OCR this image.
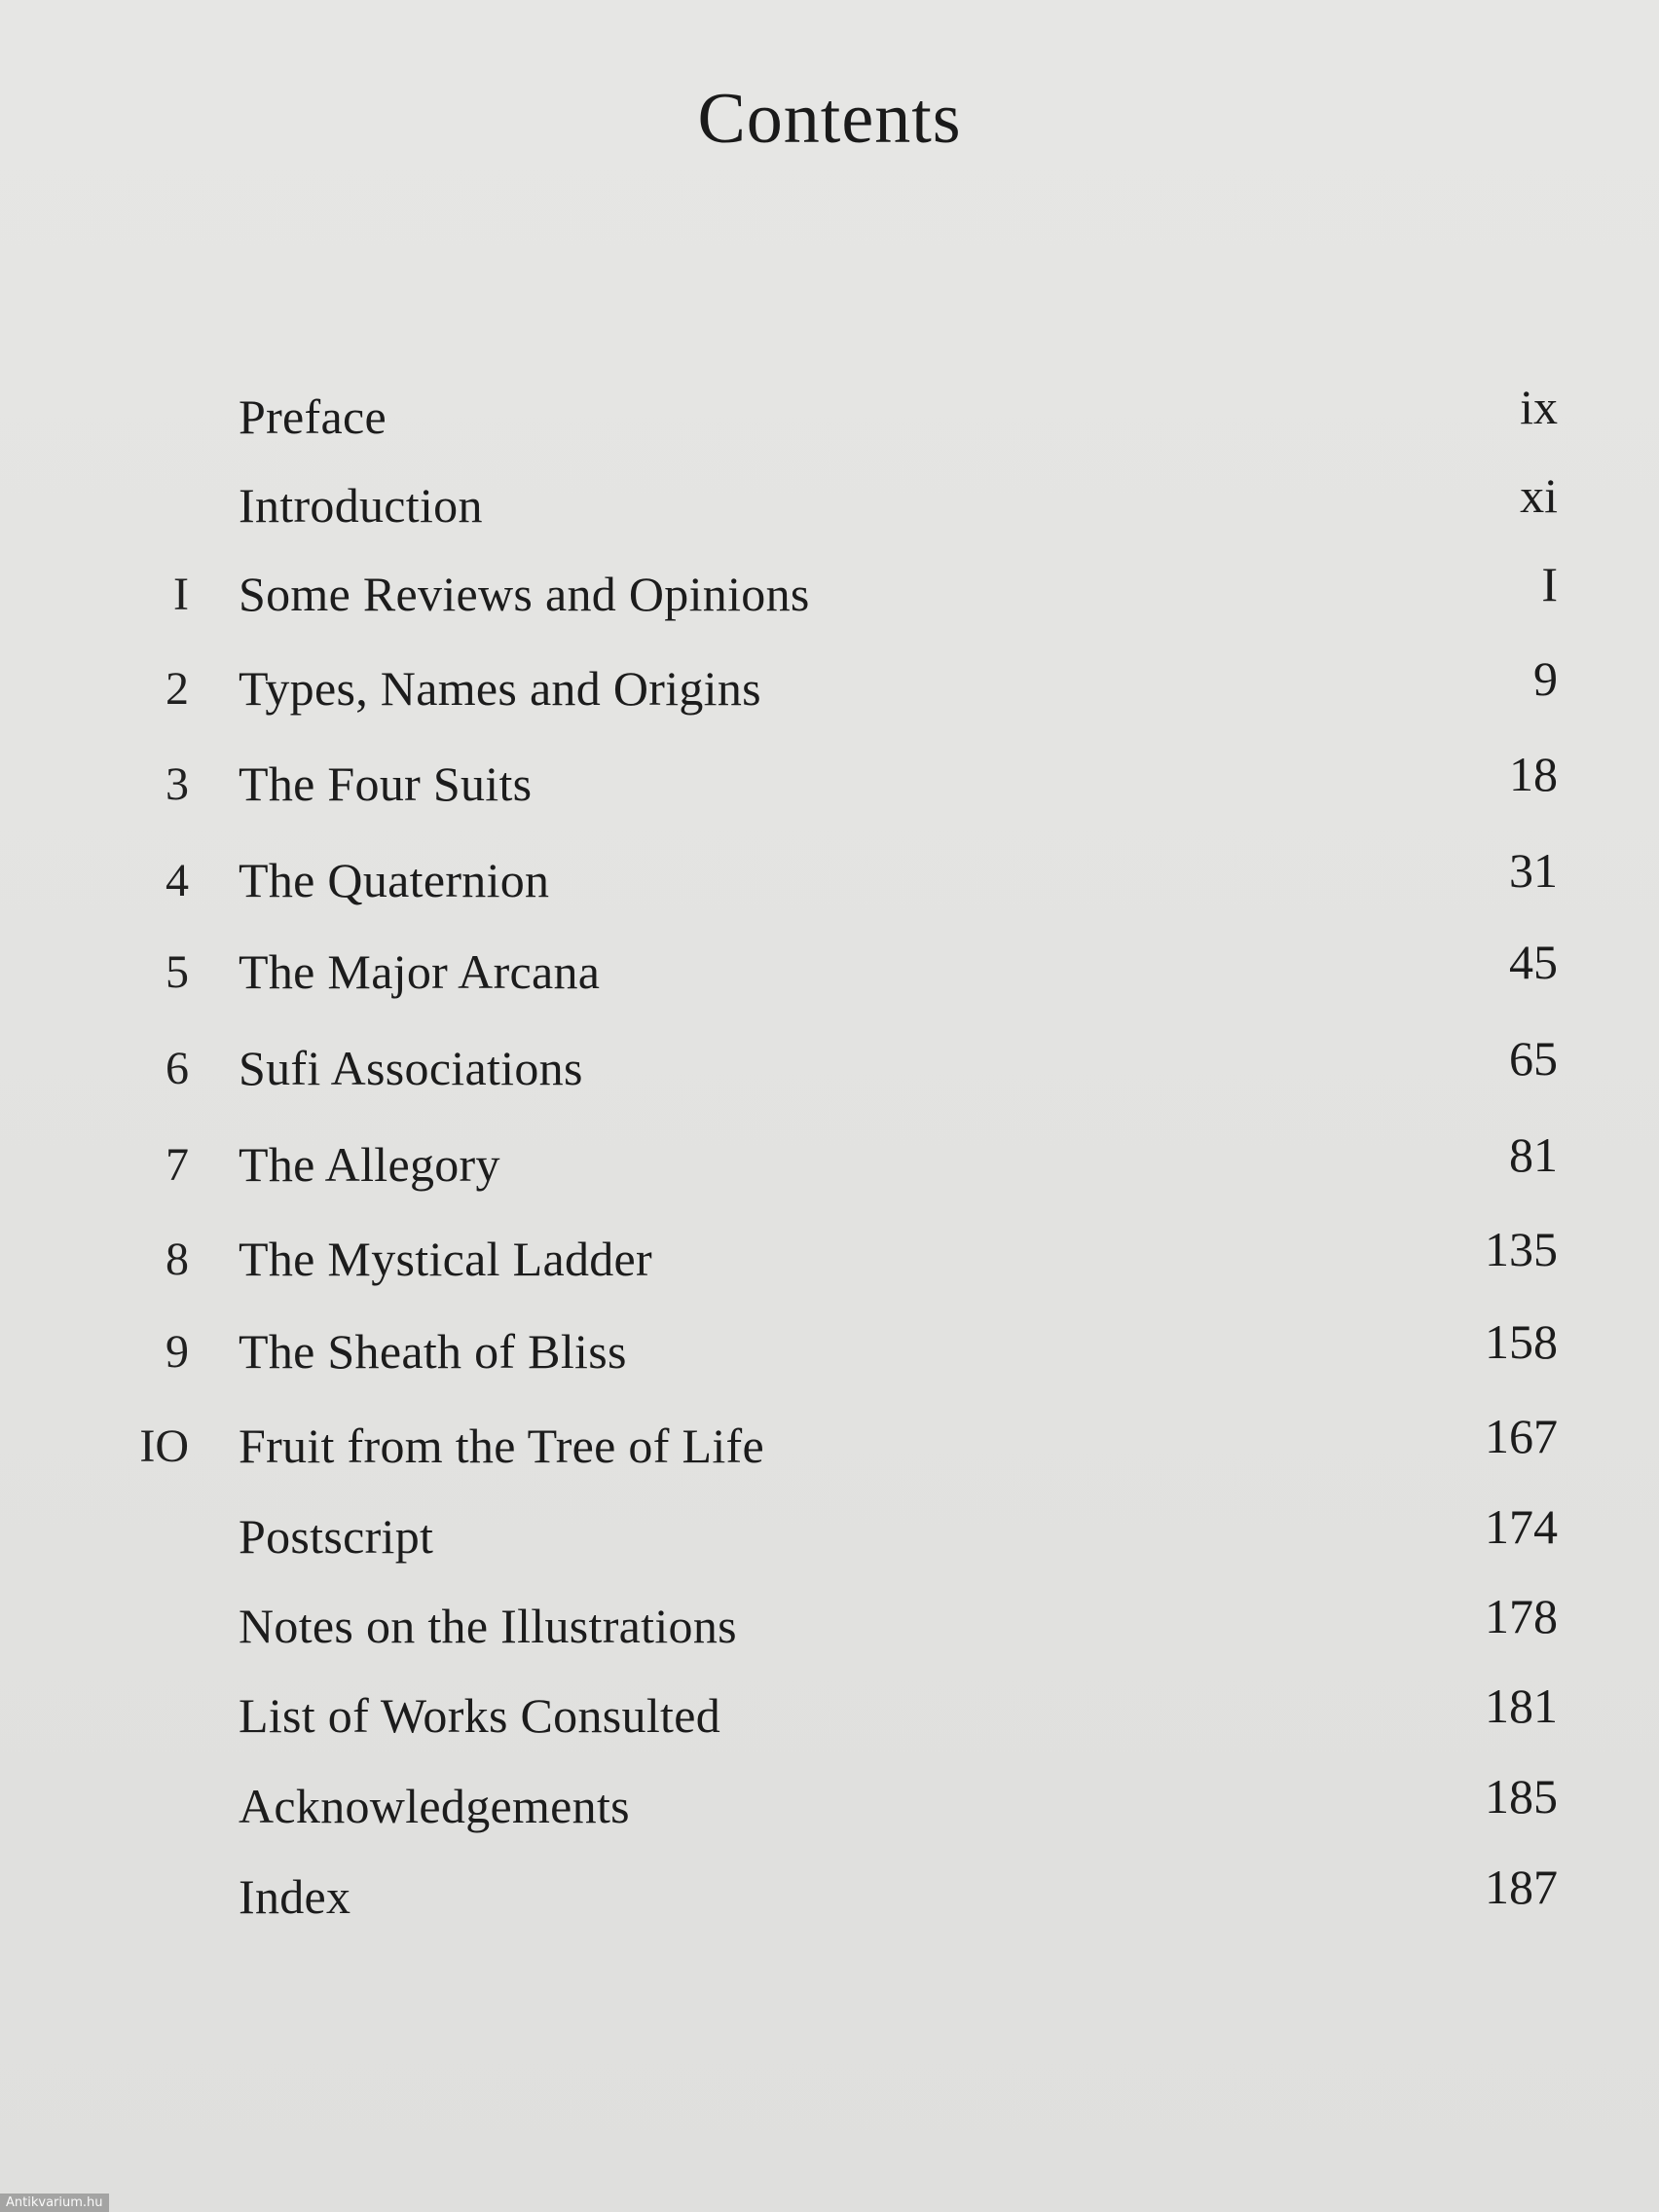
Contents
Preface	ix
Introduction	xi
I Some Reviews and Opinions	I
2 Types, Names and Origins	9
3 The Four Suits	18
4 The Quaternion	31
5 The Major Arcana	45
6 Sufi Associations	65
7 The Allegory	81
8 The Mystical Ladder	135
9 The Sheath of Bliss	158
IO Fruit from the Tree of Life	167
Postscript	174
Notes on the Illustrations	178
List of Works Consulted	181
Acknowledgements	185
Index	187
Antikvarium.hu
